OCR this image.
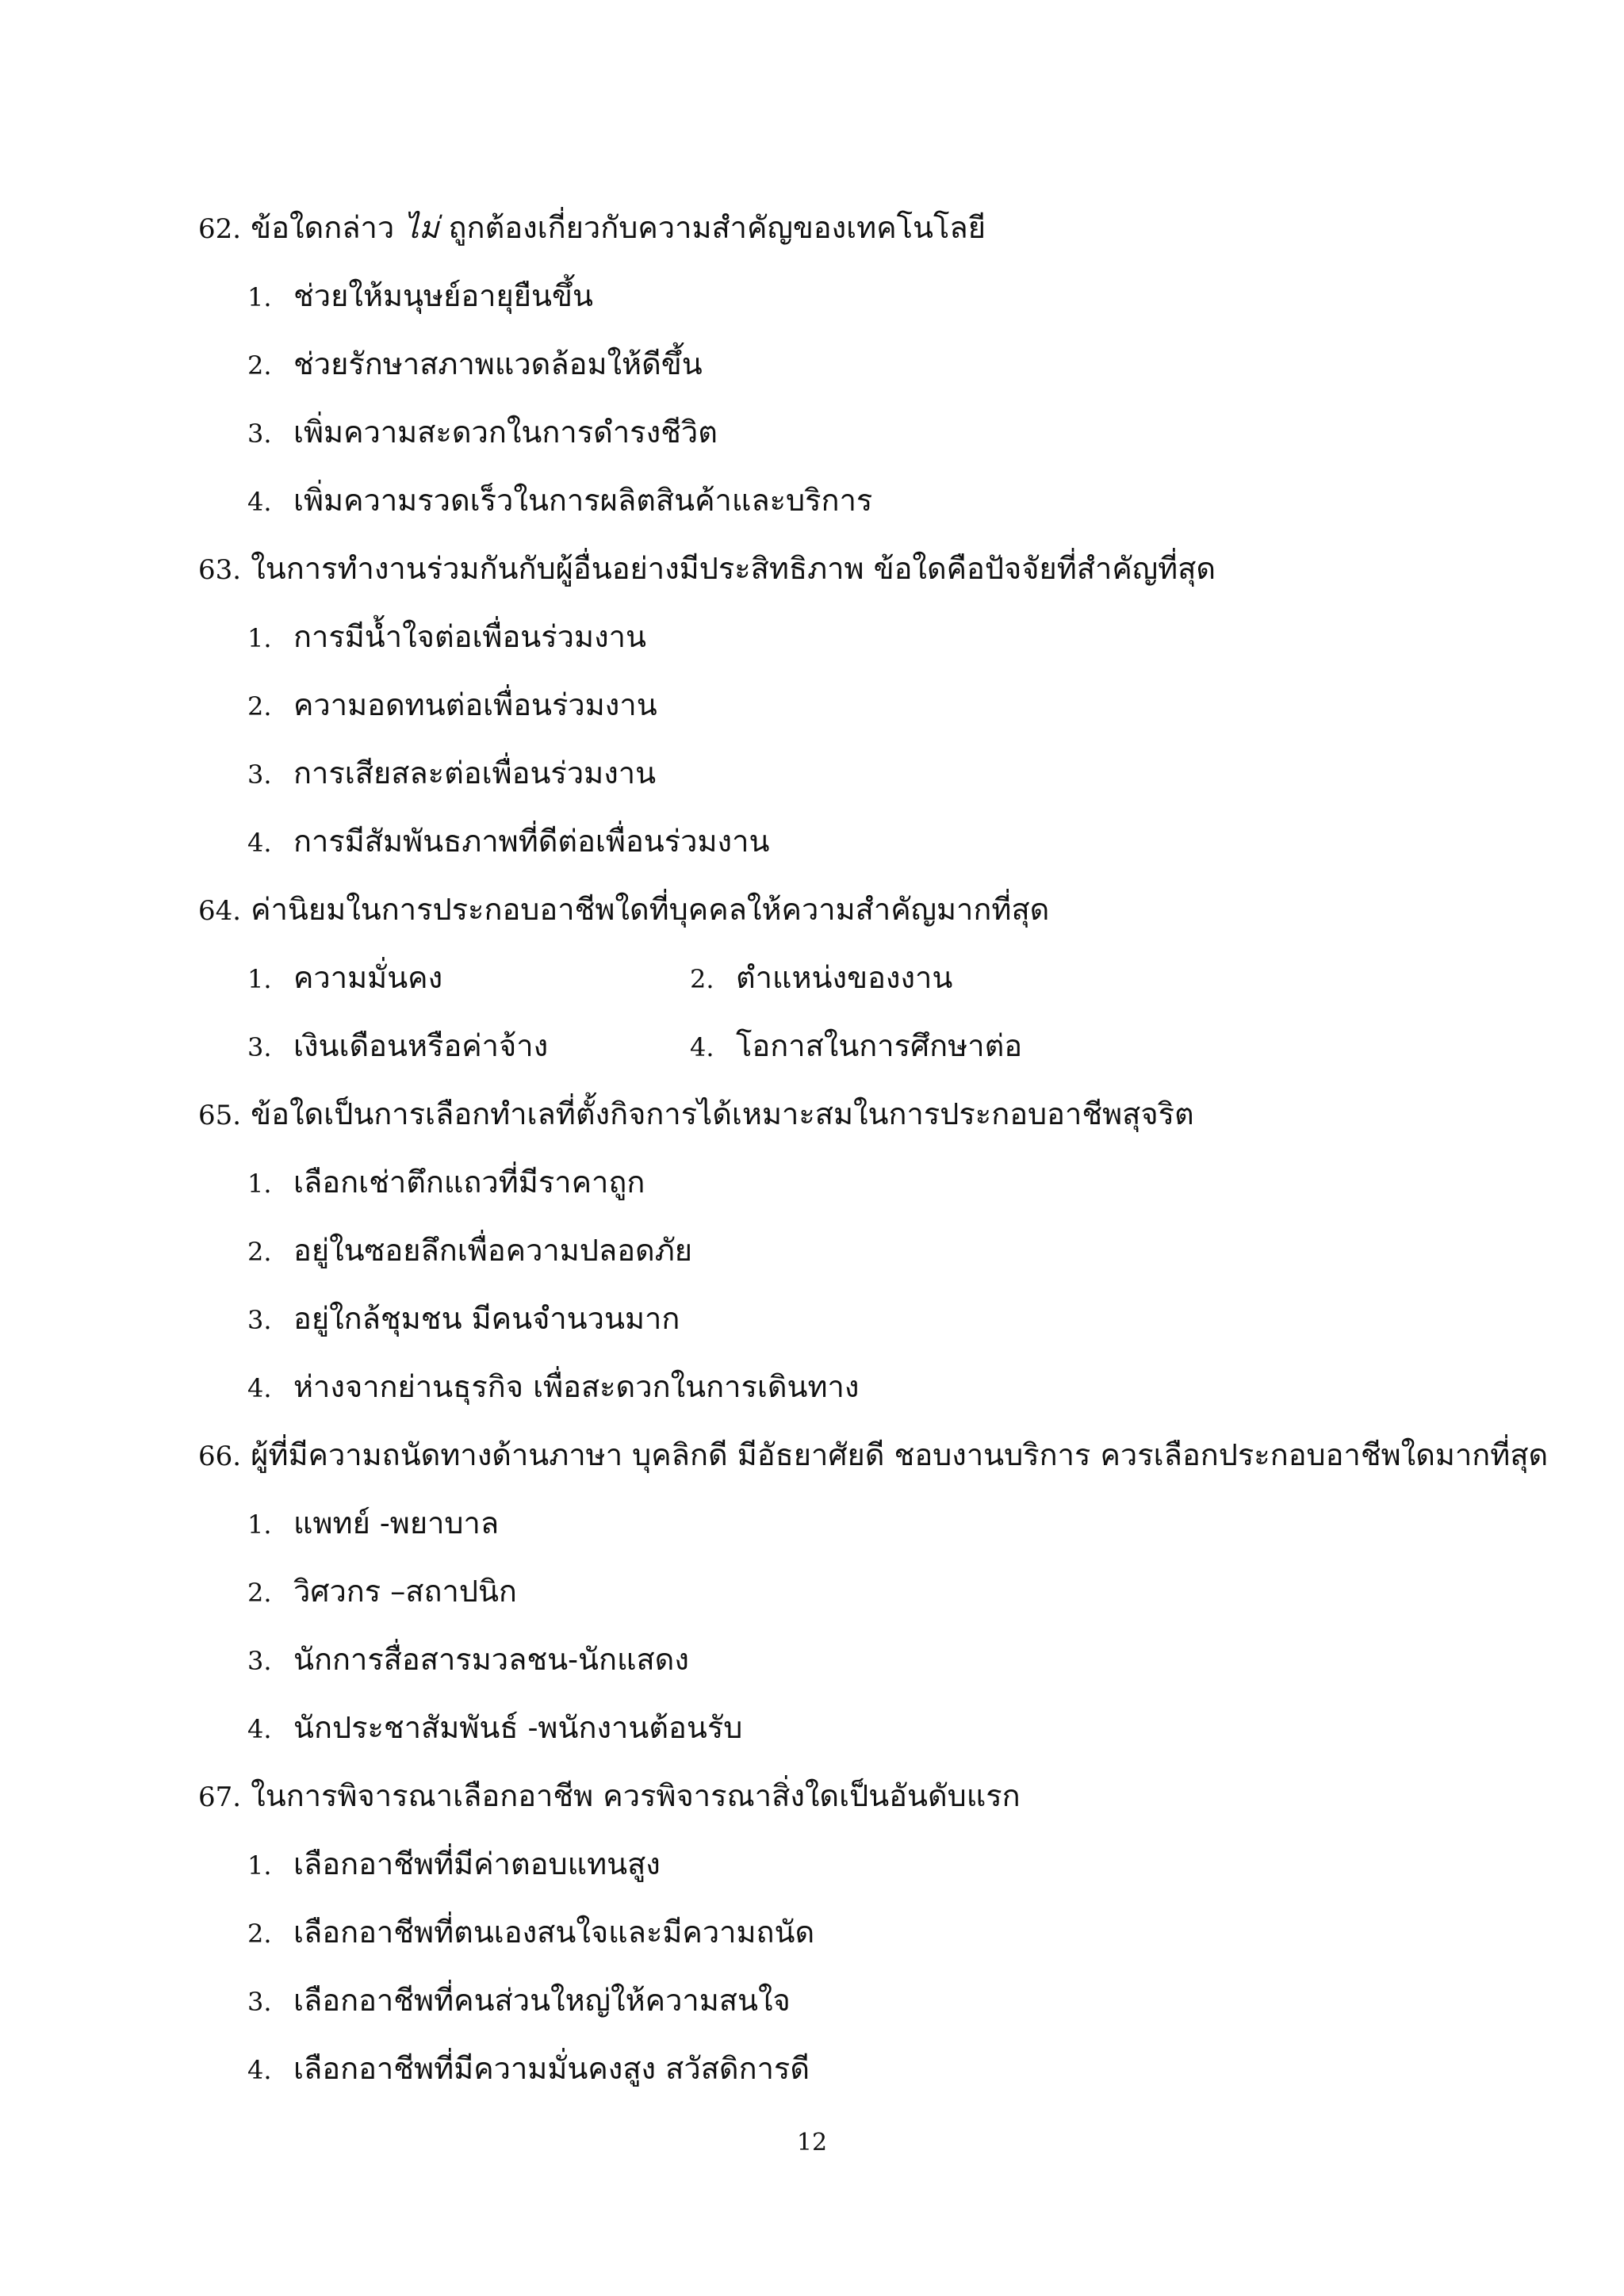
62. ข้อใดกล่าว ไม่ ถูกต้องเกี่ยวกับความสำคัญของเทคโนโลยี
1. ช่วยให้มนุษย์อายุยืนขึ้น
2. ช่วยรักษาสภาพแวดล้อมให้ดีขึ้น
3. เพิ่มความสะดวกในการดำรงชีวิต
4. เพิ่มความรวดเร็วในการผลิตสินค้าและบริการ
63. ในการทำงานร่วมกันกับผู้อื่นอย่างมีประสิทธิภาพ ข้อใดคือปัจจัยที่สำคัญที่สุด
1. การมีน้ำใจต่อเพื่อนร่วมงาน
2. ความอดทนต่อเพื่อนร่วมงาน
3. การเสียสละต่อเพื่อนร่วมงาน
4. การมีสัมพันธภาพที่ดีต่อเพื่อนร่วมงาน
64. ค่านิยมในการประกอบอาชีพใดที่บุคคลให้ความสำคัญมากที่สุด
1. ความมั่นคง	2. ตำแหน่งของงาน
3. เงินเดือนหรือค่าจ้าง	4. โอกาสในการศึกษาต่อ
65. ข้อใดเป็นการเลือกทำเลที่ตั้งกิจการได้เหมาะสมในการประกอบอาชีพสุจริต
1. เลือกเช่าตึกแถวที่มีราคาถูก
2. อยู่ในซอยลึกเพื่อความปลอดภัย
3. อยู่ใกล้ชุมชน มีคนจำนวนมาก
4. ห่างจากย่านธุรกิจ เพื่อสะดวกในการเดินทาง
66. ผู้ที่มีความถนัดทางด้านภาษา บุคลิกดี มีอัธยาศัยดี ชอบงานบริการ ควรเลือกประกอบอาชีพใดมากที่สุด
1. แพทย์ -พยาบาล
2. วิศวกร –สถาปนิก
3. นักการสื่อสารมวลชน-นักแสดง
4. นักประชาสัมพันธ์ -พนักงานต้อนรับ
67. ในการพิจารณาเลือกอาชีพ ควรพิจารณาสิ่งใดเป็นอันดับแรก
1. เลือกอาชีพที่มีค่าตอบแทนสูง
2. เลือกอาชีพที่ตนเองสนใจและมีความถนัด
3. เลือกอาชีพที่คนส่วนใหญ่ให้ความสนใจ
4. เลือกอาชีพที่มีความมั่นคงสูง สวัสดิการดี
12
